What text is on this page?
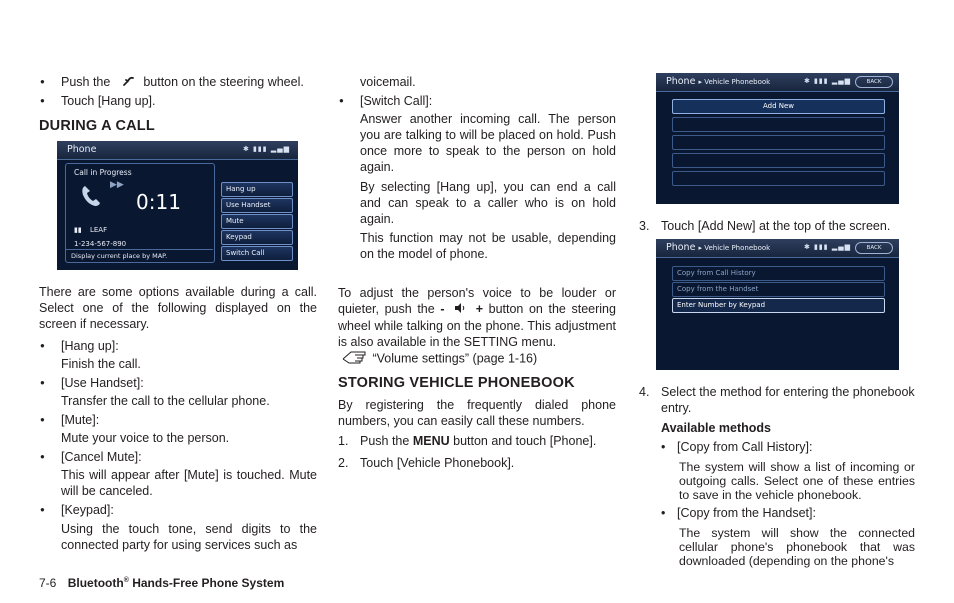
● Push the	button on the steering wheel.
● Touch [Hang up].
DURING A CALL
Phone	✱ ▮▮▮ ▂▄▆
Call in Progress
▶▶
0:11
▮▮ LEAF
1-234-567-890
Display current place by MAP.
Hang up
Use Handset
Mute
Keypad
Switch Call
There are some options available during a call. Select one of the following displayed on the screen if necessary.
● [Hang up]:
Finish the call.
● [Use Handset]:
Transfer the call to the cellular phone.
● [Mute]:
Mute your voice to the person.
● [Cancel Mute]:
This will appear after [Mute] is touched. Mute will be canceled.
● [Keypad]:
Using the touch tone, send digits to the connected party for using services such as
voicemail.
● [Switch Call]:
Answer another incoming call. The person you are talking to will be placed on hold. Push once more to speak to the person on hold again.
By selecting [Hang up], you can end a call and can speak to a caller who is on hold again.
This function may not be usable, depending on the model of phone.
To adjust the person's voice to be louder or quieter, push the - + button on the steering wheel while talking on the phone. This adjustment is also available in the SETTING menu.
“Volume settings” (page 1-16)
STORING VEHICLE PHONEBOOK
By registering the frequently dialed phone numbers, you can easily call these numbers.
1. Push the MENU button and touch [Phone].
2. Touch [Vehicle Phonebook].
Phone ▸ Vehicle Phonebook	✱ ▮▮▮ ▂▄▆	BACK
Add New
3. Touch [Add New] at the top of the screen.
Phone ▸ Vehicle Phonebook	✱ ▮▮▮ ▂▄▆	BACK
Copy from Call History
Copy from the Handset
Enter Number by Keypad
4. Select the method for entering the phonebook entry.
Available methods
• [Copy from Call History]:
The system will show a list of incoming or outgoing calls. Select one of these entries to save in the vehicle phonebook.
• [Copy from the Handset]:
The system will show the connected cellular phone's phonebook that was downloaded (depending on the phone's
7-6 Bluetooth® Hands-Free Phone System
